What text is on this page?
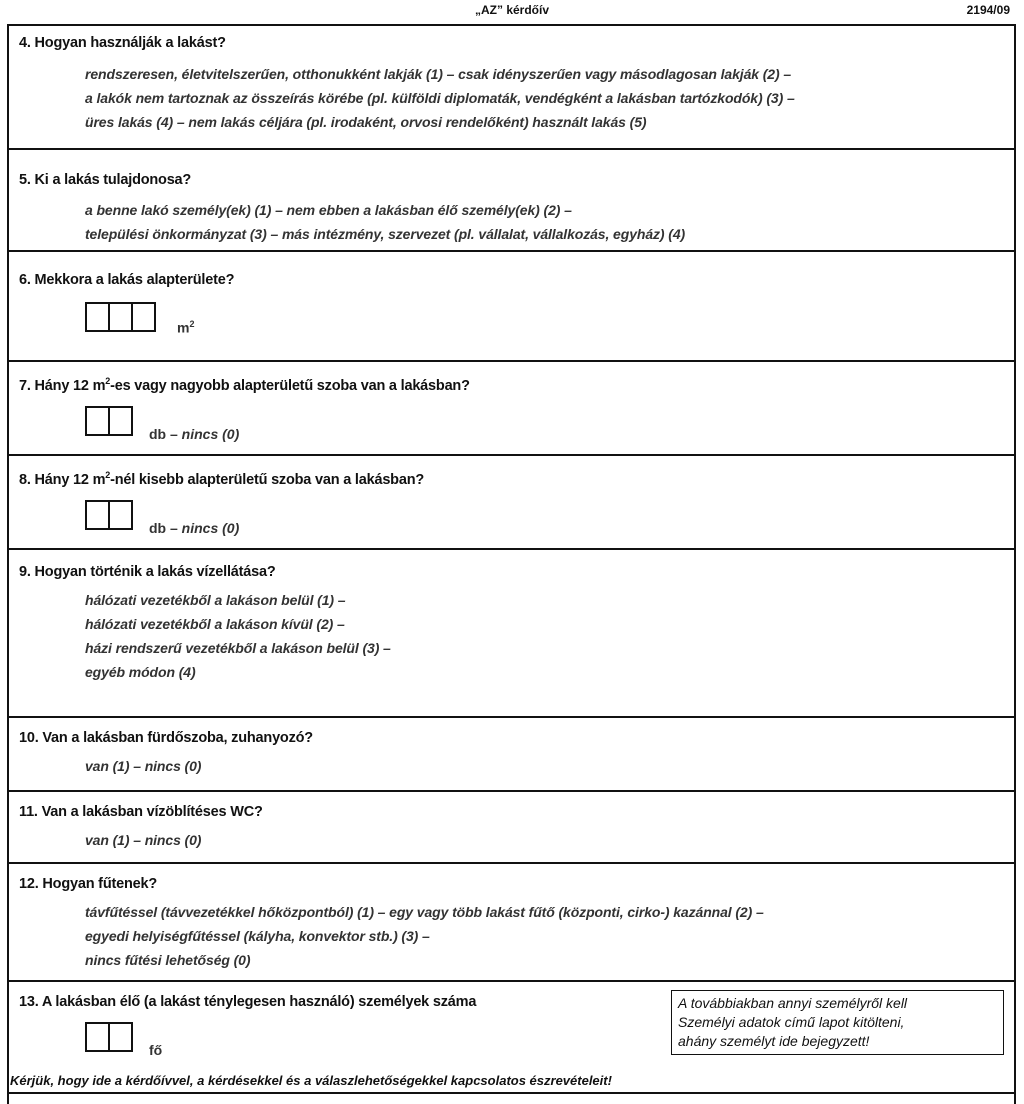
„AZ” kérdőív	2194/09
4. Hogyan használják a lakást?
rendszeresen, életvitelszerűen, otthonukként lakják (1) – csak idényszerűen vagy másodlagosan lakják (2) –
a lakók nem tartoznak az összeírás körébe (pl. külföldi diplomaták, vendégként a lakásban tartózkodók) (3) –
üres lakás (4) – nem lakás céljára (pl. irodaként, orvosi rendelőként) használt lakás (5)
5. Ki a lakás tulajdonosa?
a benne lakó személy(ek) (1) – nem ebben a lakásban élő személy(ek) (2) –
települési önkormányzat (3) – más intézmény, szervezet (pl. vállalat, vállalkozás, egyház) (4)
6. Mekkora a lakás alapterülete?
$m^2$
7. Hány 12 $m^2-es$ vagy nagyobb alapterületű szoba van a lakásban?
db – nincs (0)
8. Hány 12 $m^2$-nél kisebb alapterületű szoba van a lakásban?
db – nincs (0)
9. Hogyan történik a lakás vízellátása?
hálózati vezetékből a lakáson belül (1) –
hálózati vezetékből a lakáson kívül (2) –
házi rendszerű vezetékből a lakáson belül (3) –
egyéb módon (4)
10. Van a lakásban fürdőszoba, zuhanyozó?
van (1) – nincs (0)
11. Van a lakásban vízöblítéses WC?
van (1) – nincs (0)
12. Hogyan fűtenek?
távfűtéssel (távvezetékkel hőközpontból) (1) – egy vagy több lakást fűtő (központi, cirko-) kazánnal (2) –
egyedi helyiségfűtéssel (kályha, konvektor stb.) (3) –
nincs fűtési lehetőség (0)
13. A lakásban élő (a lakást ténylegesen használó) személyek száma
fő
A továbbiakban annyi személyről kell
Személyi adatok című lapot kitölteni,
ahány személyt ide bejegyzett!
Kérjük, hogy ide a kérdőívvel, a kérdésekkel és a válaszlehetőségekkel kapcsolatos észrevételeit!
